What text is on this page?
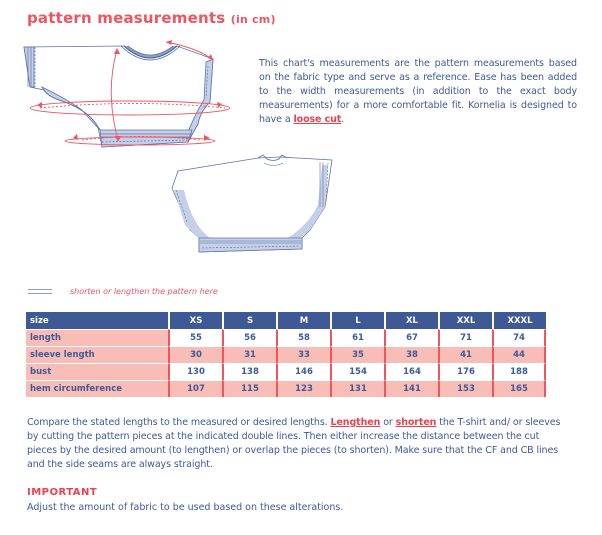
pattern measurements (in cm)
This chart's measurements are the pattern measurements based on the fabric type and serve as a reference. Ease has been added to the width measurements (in addition to the exact body measurements) for a more comfortable fit. Kornelia is designed to have a loose cut.
shorten or lengthen the pattern here
size	XS	S	M	L	XL	XXL	XXXL
length	55	56	58	61	67	71	74
sleeve length	30	31	33	35	38	41	44
bust	130	138	146	154	164	176	188
hem circumference	107	115	123	131	141	153	165
Compare the stated lengths to the measured or desired lengths. Lengthen or shorten the T-shirt and/ or sleeves by cutting the pattern pieces at the indicated double lines. Then either increase the distance between the cut pieces by the desired amount (to lengthen) or overlap the pieces (to shorten). Make sure that the CF and CB lines and the side seams are always straight.
IMPORTANT
Adjust the amount of fabric to be used based on these alterations.
